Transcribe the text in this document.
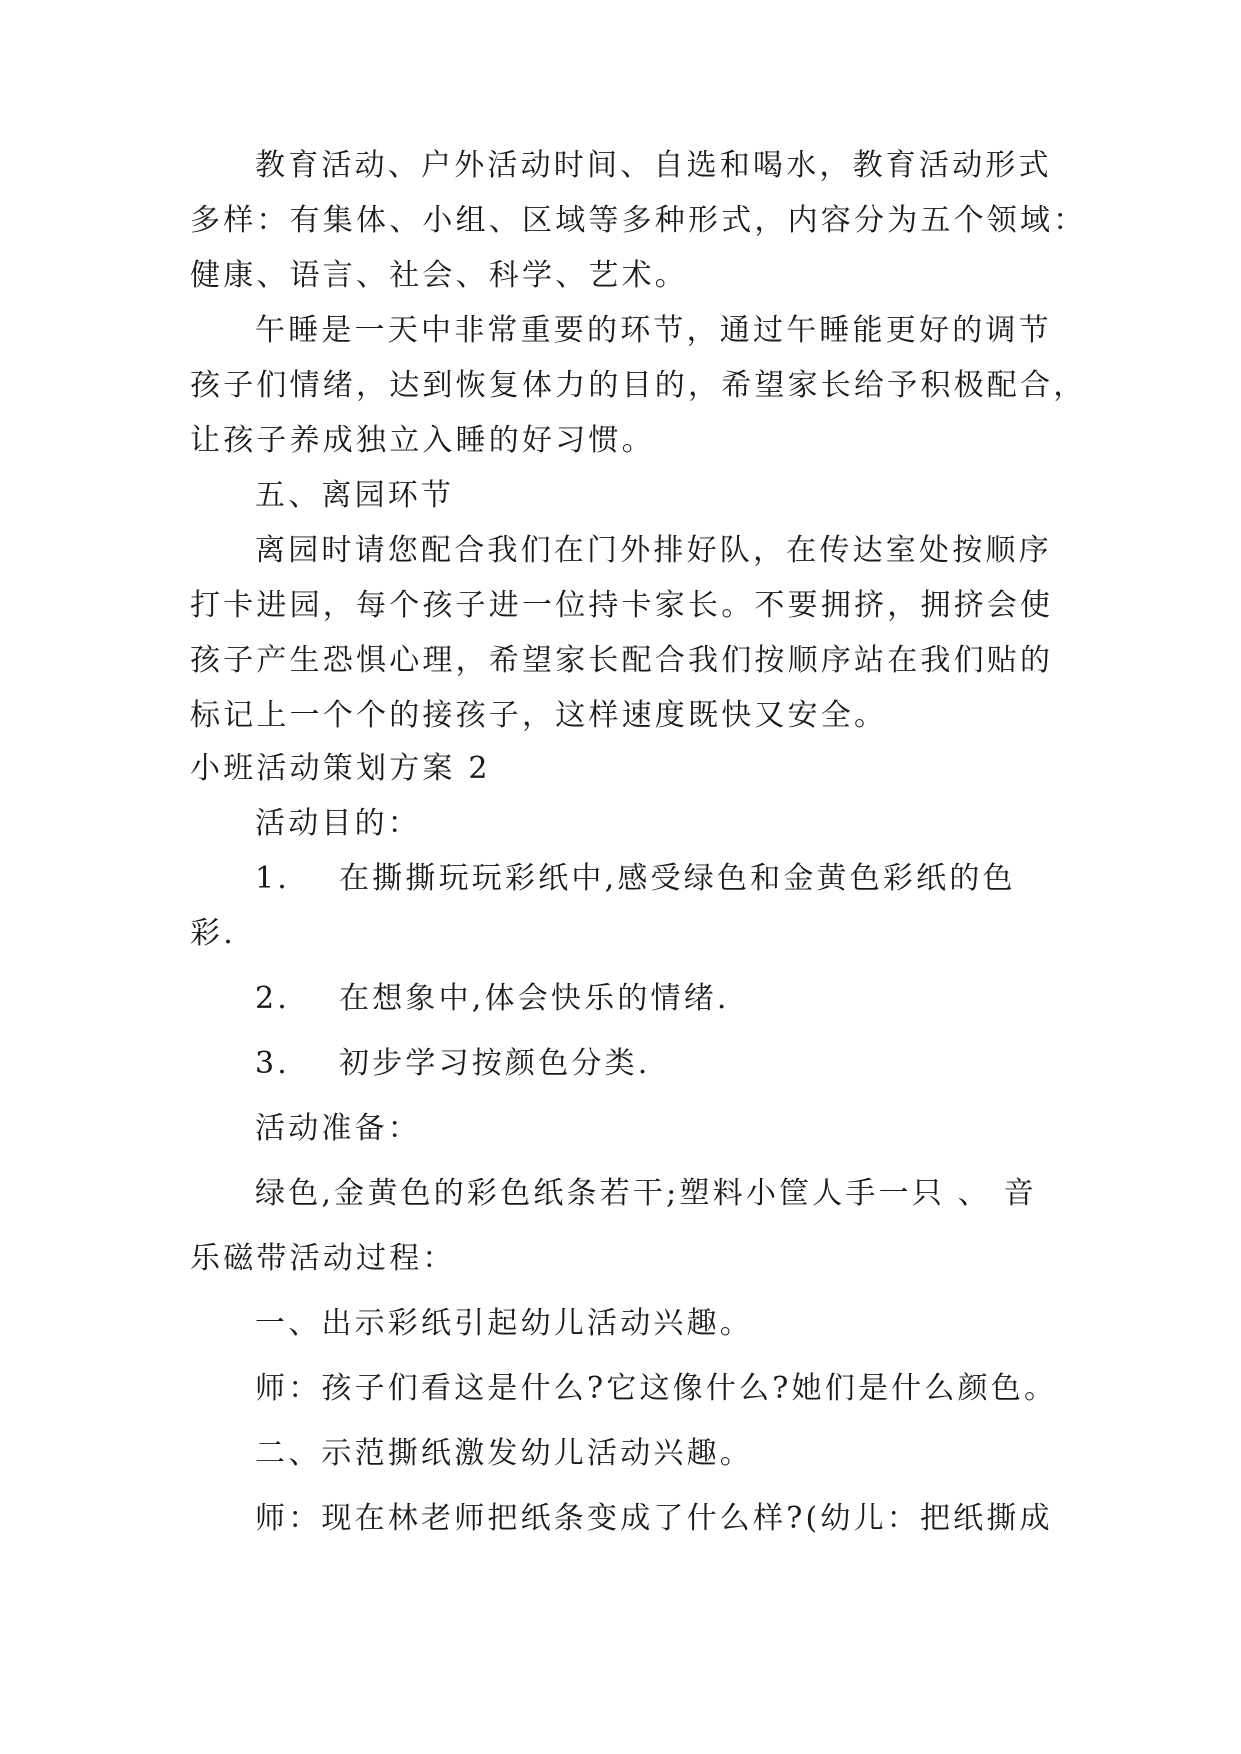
教育活动、户外活动时间、自选和喝水，教育活动形式
多样：有集体、小组、区域等多种形式，内容分为五个领域：
健康、语言、社会、科学、艺术。
午睡是一天中非常重要的环节，通过午睡能更好的调节
孩子们情绪，达到恢复体力的目的，希望家长给予积极配合，
让孩子养成独立入睡的好习惯。
五、离园环节
离园时请您配合我们在门外排好队，在传达室处按顺序
打卡进园，每个孩子进一位持卡家长。不要拥挤，拥挤会使
孩子产生恐惧心理，希望家长配合我们按顺序站在我们贴的
标记上一个个的接孩子，这样速度既快又安全。
小班活动策划方案 2
活动目的：
1. 在撕撕玩玩彩纸中,感受绿色和金黄色彩纸的色
彩.
2. 在想象中,体会快乐的情绪.
3. 初步学习按颜色分类.
活动准备：
绿色,金黄色的彩色纸条若干;塑料小筐人手一只 、 音
乐磁带活动过程：
一、出示彩纸引起幼儿活动兴趣。
师：孩子们看这是什么?它这像什么?她们是什么颜色。
二、示范撕纸激发幼儿活动兴趣。
师：现在林老师把纸条变成了什么样?(幼儿：把纸撕成
